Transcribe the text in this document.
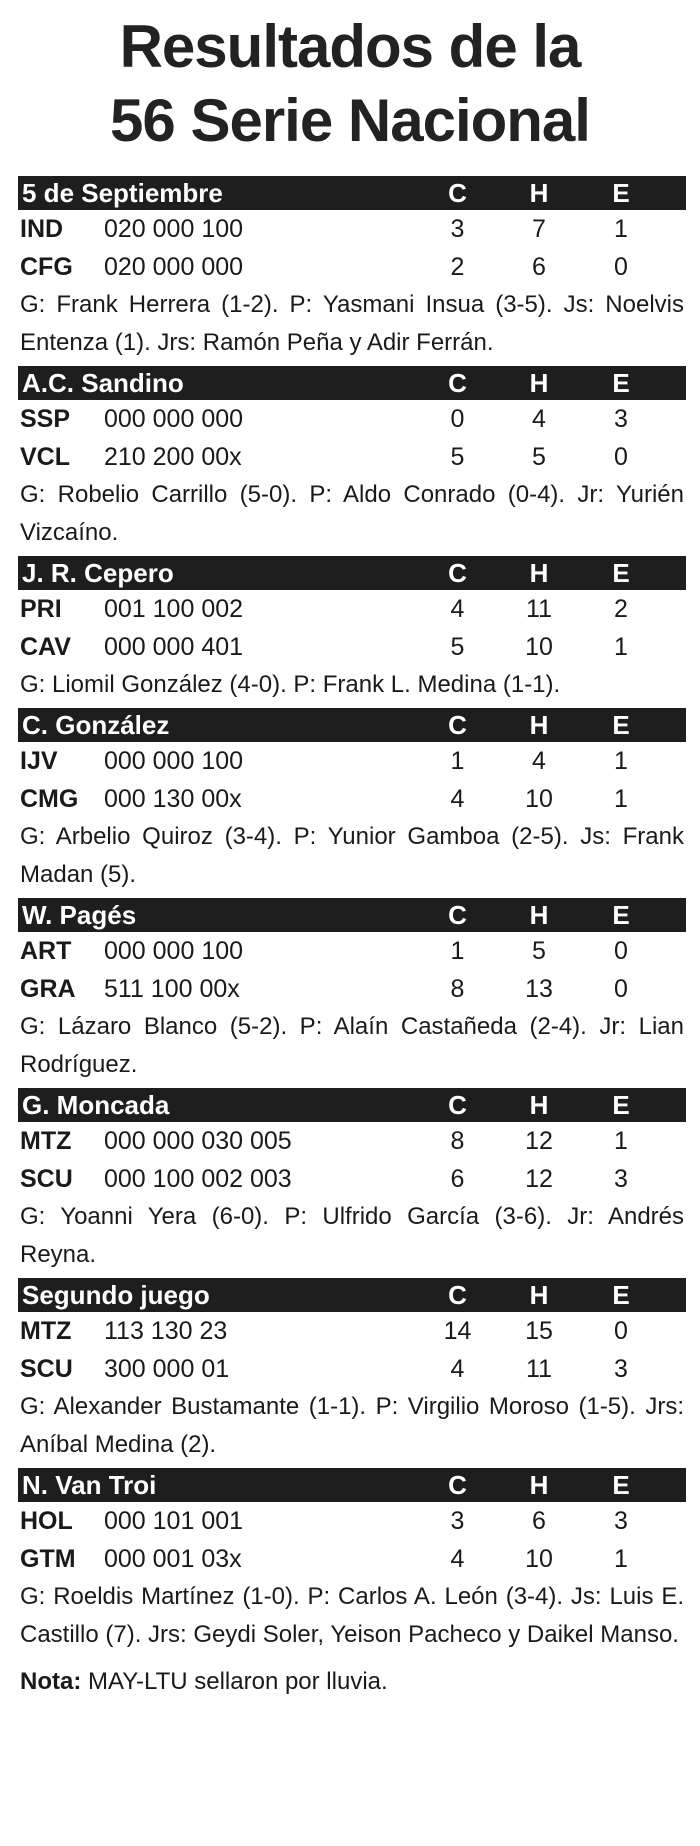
Resultados de la
56 Serie Nacional
5 de Septiembre	C	H	E
IND	020 000 100	3	7	1
CFG	020 000 000	2	6	0
G: Frank Herrera (1-2). P: Yasmani Insua (3-5). Js: Noelvis Entenza (1). Jrs: Ramón Peña y Adir Ferrán.
A.C. Sandino	C	H	E
SSP	000 000 000	0	4	3
VCL	210 200 00x	5	5	0
G: Robelio Carrillo (5-0). P: Aldo Conrado (0-4). Jr: Yurién Vizcaíno.
J. R. Cepero	C	H	E
PRI	001 100 002	4	11	2
CAV	000 000 401	5	10	1
G: Liomil González (4-0). P: Frank L. Medina (1-1).
C. González	C	H	E
IJV	000 000 100	1	4	1
CMG	000 130 00x	4	10	1
G: Arbelio Quiroz (3-4). P: Yunior Gamboa (2-5). Js: Frank Madan (5).
W. Pagés	C	H	E
ART	000 000 100	1	5	0
GRA	511 100 00x	8	13	0
G: Lázaro Blanco (5-2). P: Alaín Castañeda (2-4). Jr: Lian Rodríguez.
G. Moncada	C	H	E
MTZ	000 000 030 005	8	12	1
SCU	000 100 002 003	6	12	3
G: Yoanni Yera (6-0). P: Ulfrido García (3-6). Jr: Andrés Reyna.
Segundo juego	C	H	E
MTZ	113 130 23	14	15	0
SCU	300 000 01	4	11	3
G: Alexander Bustamante (1-1). P: Virgilio Moroso (1-5). Jrs: Aníbal Medina (2).
N. Van Troi	C	H	E
HOL	000 101 001	3	6	3
GTM	000 001 03x	4	10	1
G: Roeldis Martínez (1-0). P: Carlos A. León (3-4). Js: Luis E. Castillo (7). Jrs: Geydi Soler, Yeison Pacheco y Daikel Manso.
Nota: MAY-LTU sellaron por lluvia.
